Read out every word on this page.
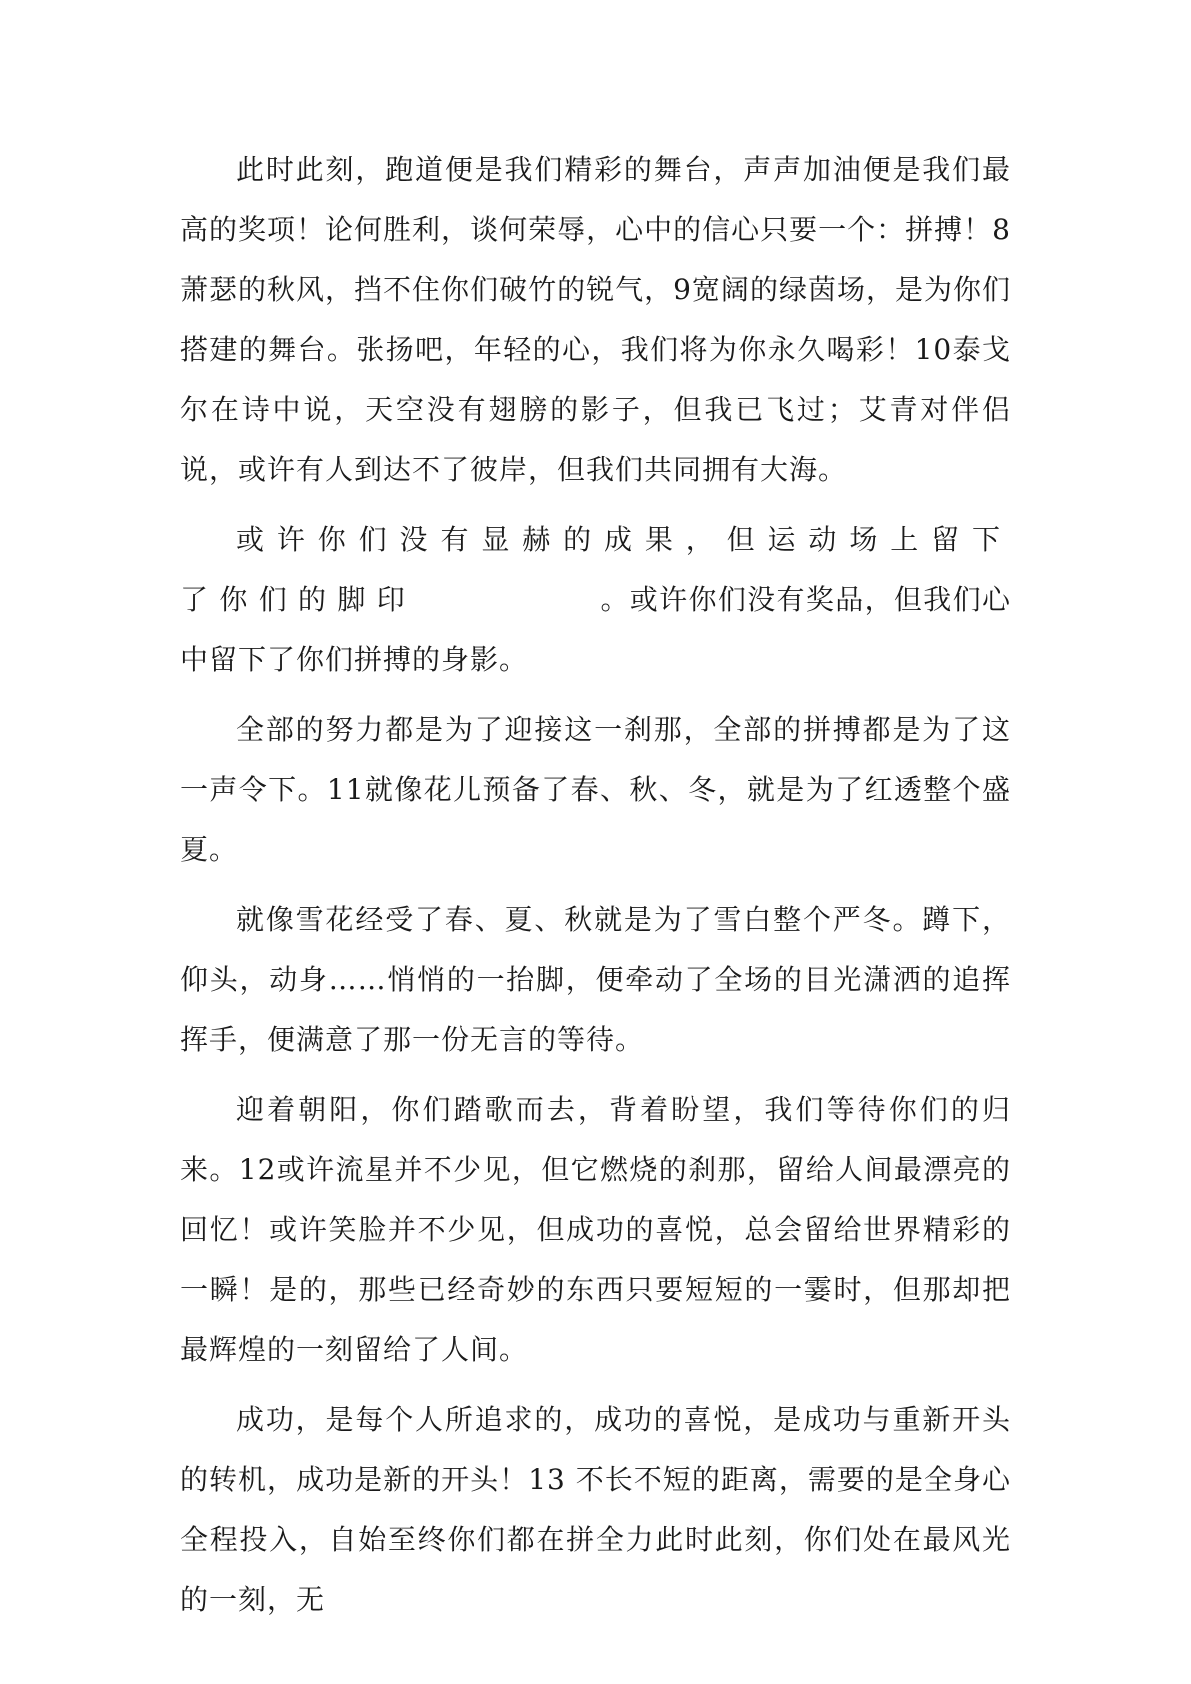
此时此刻，跑道便是我们精彩的舞台，声声加油便是我们最高的奖项！论何胜利，谈何荣辱，心中的信心只要一个：拼搏！8萧瑟的秋风，挡不住你们破竹的锐气，9宽阔的绿茵场，是为你们搭建的舞台。张扬吧，年轻的心，我们将为你永久喝彩！10泰戈尔在诗中说，天空没有翅膀的影子，但我已飞过；艾青对伴侣说，或许有人到达不了彼岸，但我们共同拥有大海。

或许你们没有显赫的成果，但运动场上留下了你们的脚印	。或许你们没有奖品，但我们心中留下了你们拼搏的身影。

全部的努力都是为了迎接这一刹那，全部的拼搏都是为了这一声令下。11就像花儿预备了春、秋、冬，就是为了红透整个盛夏。

就像雪花经受了春、夏、秋就是为了雪白整个严冬。蹲下，仰头，动身……悄悄的一抬脚，便牵动了全场的目光潇洒的追挥挥手，便满意了那一份无言的等待。

迎着朝阳，你们踏歌而去，背着盼望，我们等待你们的归来。12或许流星并不少见，但它燃烧的刹那，留给人间最漂亮的回忆！或许笑脸并不少见，但成功的喜悦，总会留给世界精彩的一瞬！是的，那些已经奇妙的东西只要短短的一霎时，但那却把最辉煌的一刻留给了人间。

成功，是每个人所追求的，成功的喜悦，是成功与重新开头的转机，成功是新的开头！13 不长不短的距离，需要的是全身心全程投入，自始至终你们都在拼全力此时此刻，你们处在最风光的一刻，无
